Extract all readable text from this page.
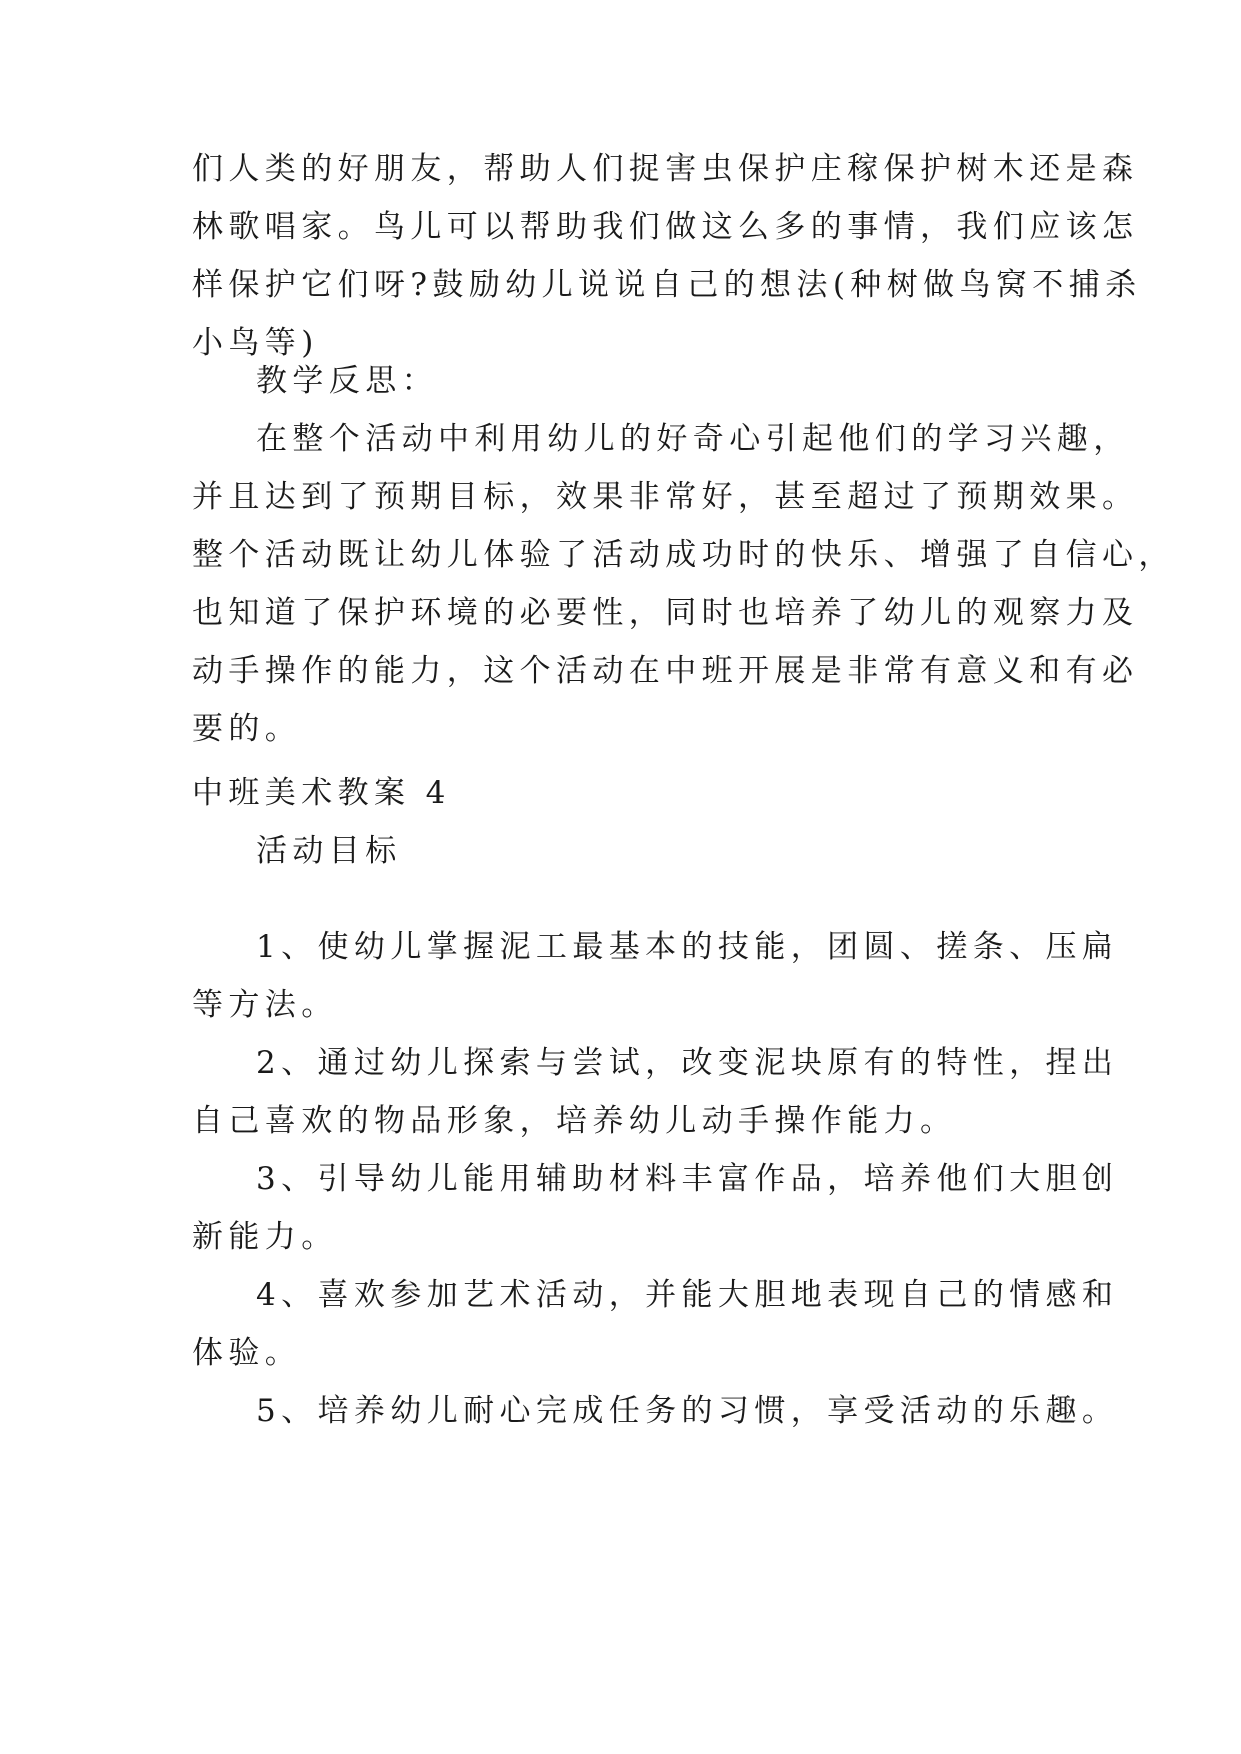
们人类的好朋友，帮助人们捉害虫保护庄稼保护树木还是森
林歌唱家。鸟儿可以帮助我们做这么多的事情，我们应该怎
样保护它们呀?鼓励幼儿说说自己的想法(种树做鸟窝不捕杀
小鸟等)
教学反思：
在整个活动中利用幼儿的好奇心引起他们的学习兴趣，
并且达到了预期目标，效果非常好，甚至超过了预期效果。
整个活动既让幼儿体验了活动成功时的快乐、增强了自信心，
也知道了保护环境的必要性，同时也培养了幼儿的观察力及
动手操作的能力，这个活动在中班开展是非常有意义和有必
要的。
中班美术教案 4
活动目标
1、使幼儿掌握泥工最基本的技能，团圆、搓条、压扁
等方法。
2、通过幼儿探索与尝试，改变泥块原有的特性，捏出
自己喜欢的物品形象，培养幼儿动手操作能力。
3、引导幼儿能用辅助材料丰富作品，培养他们大胆创
新能力。
4、喜欢参加艺术活动，并能大胆地表现自己的情感和
体验。
5、培养幼儿耐心完成任务的习惯，享受活动的乐趣。
